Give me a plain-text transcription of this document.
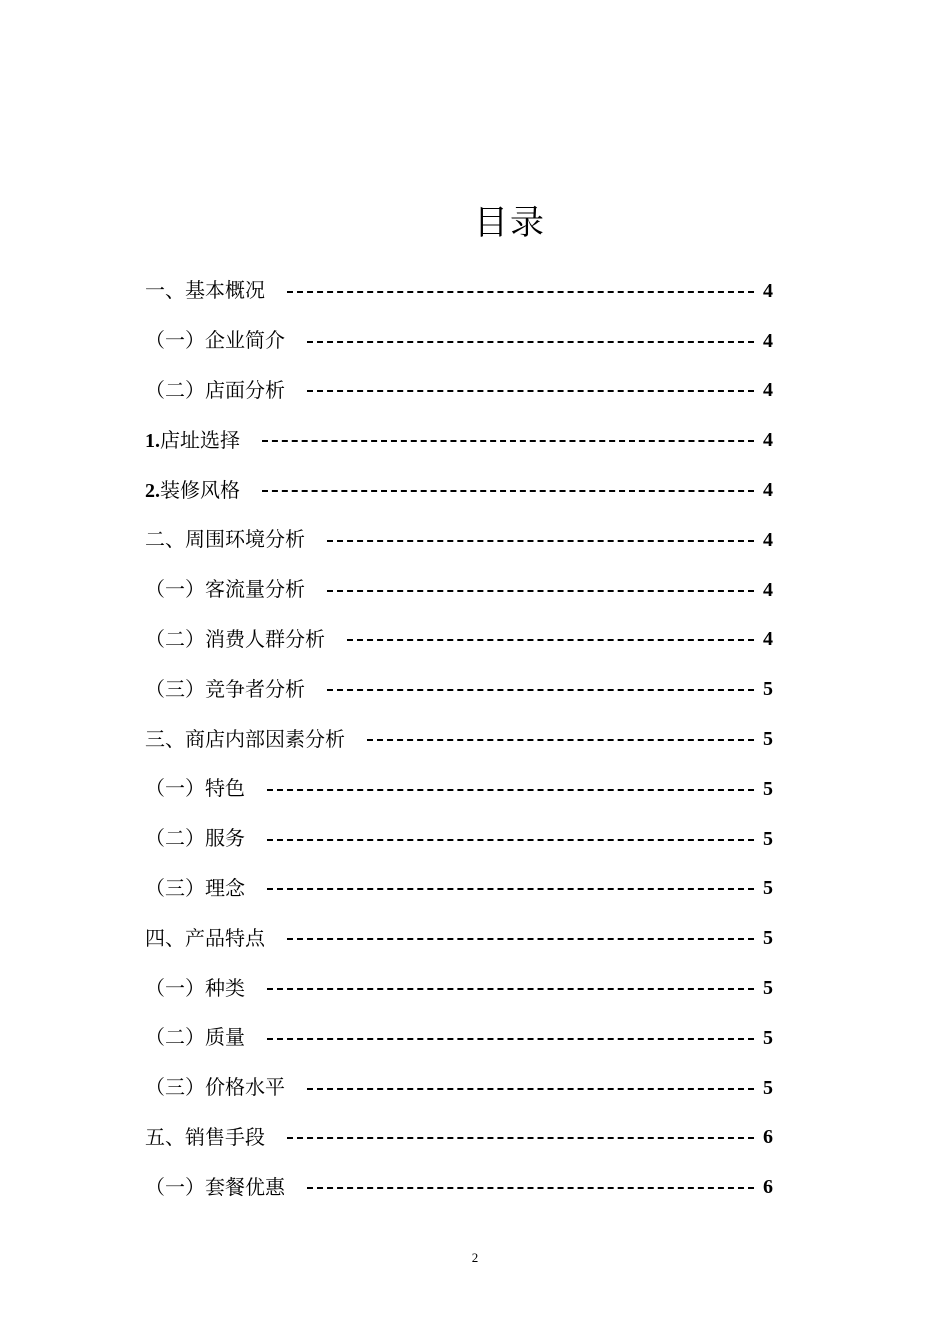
目录
一、基本概况	4
（一）企业简介	4
（二）店面分析	4
1.店址选择	4
2.装修风格	4
二、周围环境分析	4
（一）客流量分析	4
（二）消费人群分析	4
（三）竞争者分析	5
三、商店内部因素分析	5
（一）特色	5
（二）服务	5
（三）理念	5
四、产品特点	5
（一）种类	5
（二）质量	5
（三）价格水平	5
五、销售手段	6
（一）套餐优惠	6
2
